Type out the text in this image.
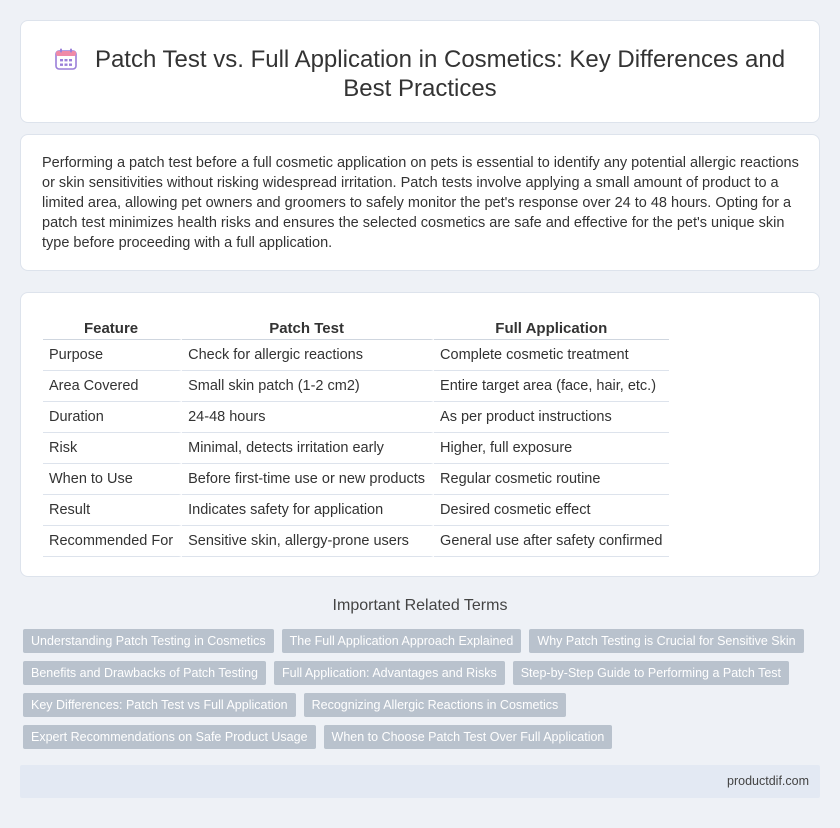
Patch Test vs. Full Application in Cosmetics: Key Differences and Best Practices

Performing a patch test before a full cosmetic application on pets is essential to identify any potential allergic reactions or skin sensitivities without risking widespread irritation. Patch tests involve applying a small amount of product to a limited area, allowing pet owners and groomers to safely monitor the pet's response over 24 to 48 hours. Opting for a patch test minimizes health risks and ensures the selected cosmetics are safe and effective for the pet's unique skin type before proceeding with a full application.

Feature	Patch Test	Full Application
Purpose	Check for allergic reactions	Complete cosmetic treatment
Area Covered	Small skin patch (1-2 cm2)	Entire target area (face, hair, etc.)
Duration	24-48 hours	As per product instructions
Risk	Minimal, detects irritation early	Higher, full exposure
When to Use	Before first-time use or new products	Regular cosmetic routine
Result	Indicates safety for application	Desired cosmetic effect
Recommended For	Sensitive skin, allergy-prone users	General use after safety confirmed
Important Related Terms
Understanding Patch Testing in Cosmetics	The Full Application Approach Explained	Why Patch Testing is Crucial for Sensitive Skin
Benefits and Drawbacks of Patch Testing	Full Application: Advantages and Risks	Step-by-Step Guide to Performing a Patch Test
Key Differences: Patch Test vs Full Application	Recognizing Allergic Reactions in Cosmetics
Expert Recommendations on Safe Product Usage	When to Choose Patch Test Over Full Application
productdif.com
